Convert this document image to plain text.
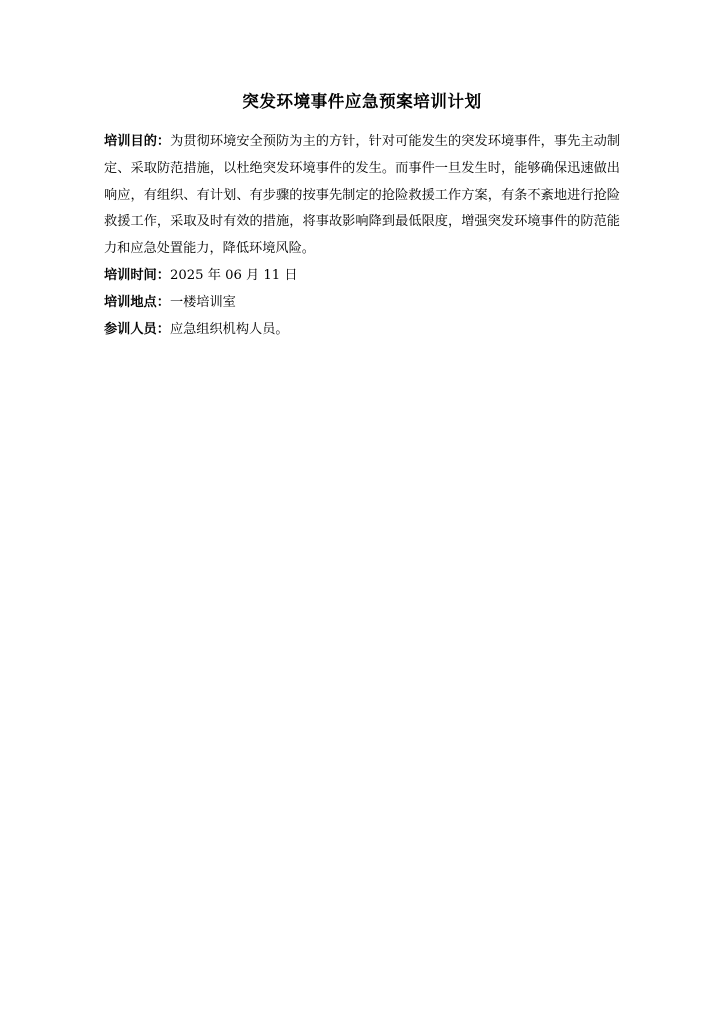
突发环境事件应急预案培训计划

培训目的：为贯彻环境安全预防为主的方针，针对可能发生的突发环境事件，事先主动制定、采取防范措施，以杜绝突发环境事件的发生。而事件一旦发生时，能够确保迅速做出响应，有组织、有计划、有步骤的按事先制定的抢险救援工作方案，有条不紊地进行抢险救援工作，采取及时有效的措施，将事故影响降到最低限度，增强突发环境事件的防范能力和应急处置能力，降低环境风险。

培训时间：2025 年 06 月 11 日

培训地点：一楼培训室

参训人员：应急组织机构人员。
